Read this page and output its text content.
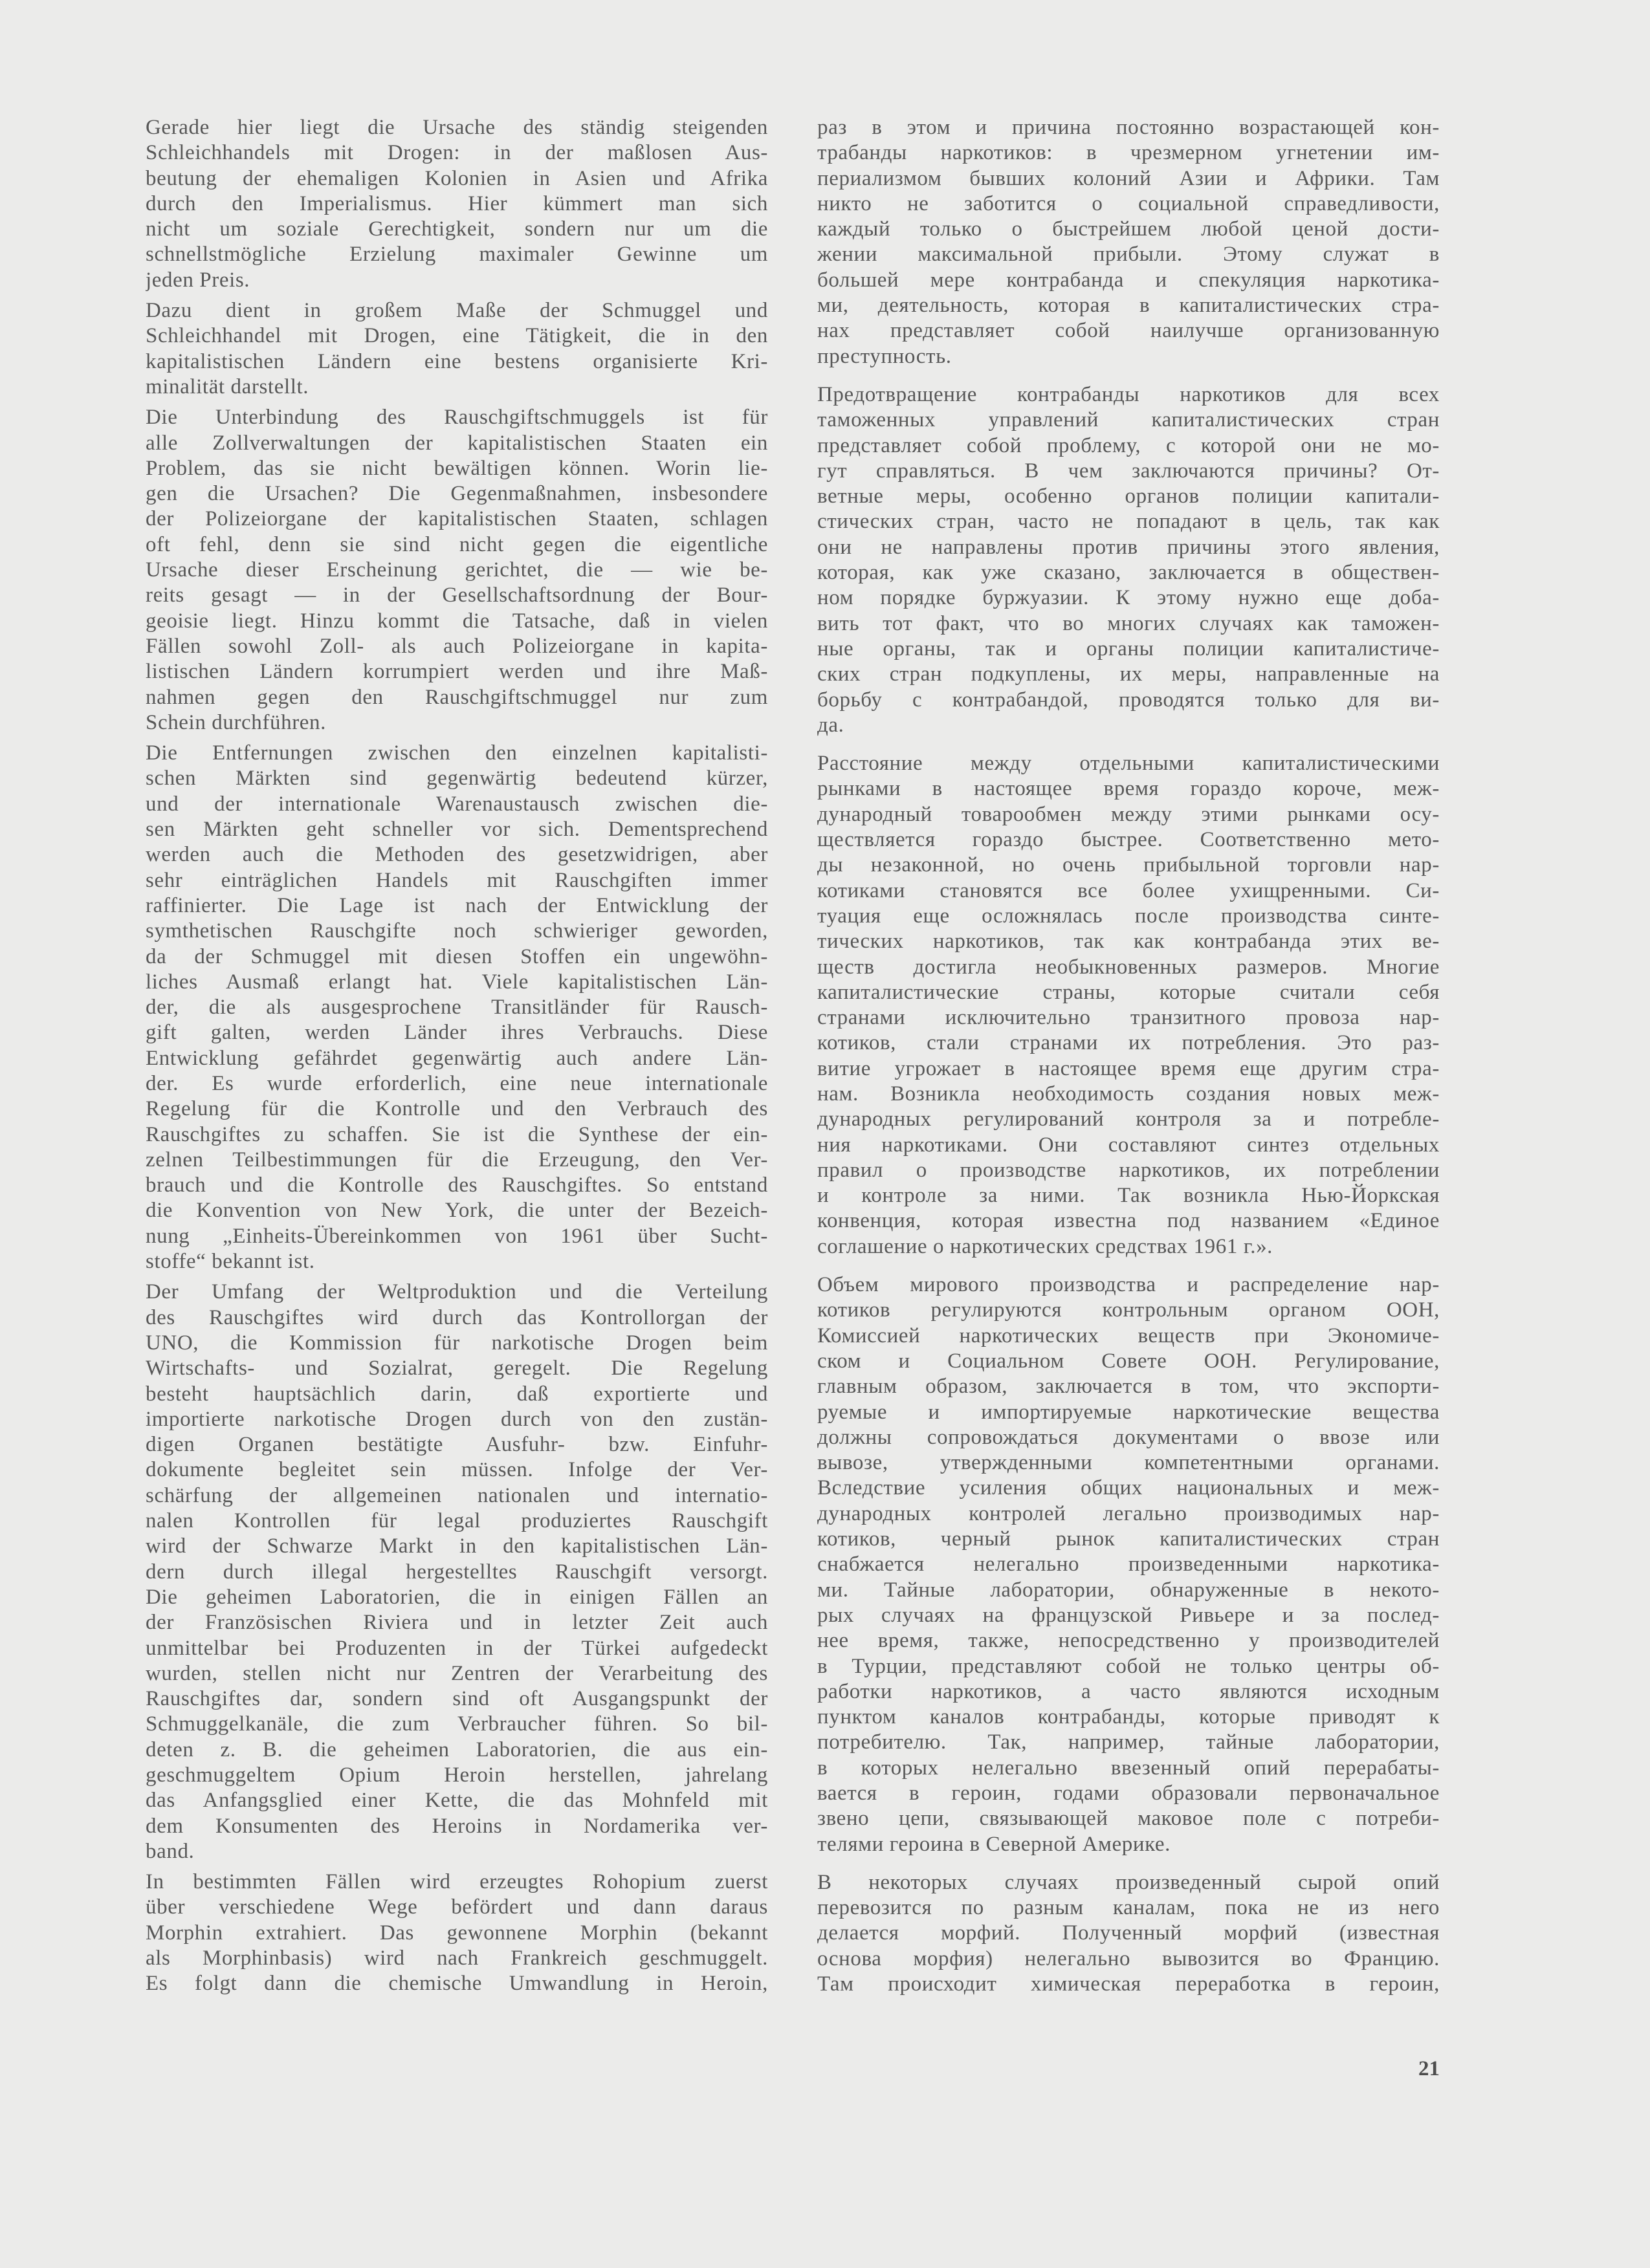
Gerade hier liegt die Ursache des ständig steigenden
Schleichhandels mit Drogen: in der maßlosen Aus-
beutung der ehemaligen Kolonien in Asien und Afrika
durch den Imperialismus. Hier kümmert man sich
nicht um soziale Gerechtigkeit, sondern nur um die
schnellstmögliche Erzielung maximaler Gewinne um
jeden Preis.
Dazu dient in großem Maße der Schmuggel und
Schleichhandel mit Drogen, eine Tätigkeit, die in den
kapitalistischen Ländern eine bestens organisierte Kri-
minalität darstellt.
Die Unterbindung des Rauschgiftschmuggels ist für
alle Zollverwaltungen der kapitalistischen Staaten ein
Problem, das sie nicht bewältigen können. Worin lie-
gen die Ursachen? Die Gegenmaßnahmen, insbesondere
der Polizeiorgane der kapitalistischen Staaten, schlagen
oft fehl, denn sie sind nicht gegen die eigentliche
Ursache dieser Erscheinung gerichtet, die — wie be-
reits gesagt — in der Gesellschaftsordnung der Bour-
geoisie liegt. Hinzu kommt die Tatsache, daß in vielen
Fällen sowohl Zoll- als auch Polizeiorgane in kapita-
listischen Ländern korrumpiert werden und ihre Maß-
nahmen gegen den Rauschgiftschmuggel nur zum
Schein durchführen.
Die Entfernungen zwischen den einzelnen kapitalisti-
schen Märkten sind gegenwärtig bedeutend kürzer,
und der internationale Warenaustausch zwischen die-
sen Märkten geht schneller vor sich. Dementsprechend
werden auch die Methoden des gesetzwidrigen, aber
sehr einträglichen Handels mit Rauschgiften immer
raffinierter. Die Lage ist nach der Entwicklung der
symthetischen Rauschgifte noch schwieriger geworden,
da der Schmuggel mit diesen Stoffen ein ungewöhn-
liches Ausmaß erlangt hat. Viele kapitalistischen Län-
der, die als ausgesprochene Transitländer für Rausch-
gift galten, werden Länder ihres Verbrauchs. Diese
Entwicklung gefährdet gegenwärtig auch andere Län-
der. Es wurde erforderlich, eine neue internationale
Regelung für die Kontrolle und den Verbrauch des
Rauschgiftes zu schaffen. Sie ist die Synthese der ein-
zelnen Teilbestimmungen für die Erzeugung, den Ver-
brauch und die Kontrolle des Rauschgiftes. So entstand
die Konvention von New York, die unter der Bezeich-
nung „Einheits-Übereinkommen von 1961 über Sucht-
stoffe“ bekannt ist.
Der Umfang der Weltproduktion und die Verteilung
des Rauschgiftes wird durch das Kontrollorgan der
UNO, die Kommission für narkotische Drogen beim
Wirtschafts- und Sozialrat, geregelt. Die Regelung
besteht hauptsächlich darin, daß exportierte und
importierte narkotische Drogen durch von den zustän-
digen Organen bestätigte Ausfuhr- bzw. Einfuhr-
dokumente begleitet sein müssen. Infolge der Ver-
schärfung der allgemeinen nationalen und internatio-
nalen Kontrollen für legal produziertes Rauschgift
wird der Schwarze Markt in den kapitalistischen Län-
dern durch illegal hergestelltes Rauschgift versorgt.
Die geheimen Laboratorien, die in einigen Fällen an
der Französischen Riviera und in letzter Zeit auch
unmittelbar bei Produzenten in der Türkei aufgedeckt
wurden, stellen nicht nur Zentren der Verarbeitung des
Rauschgiftes dar, sondern sind oft Ausgangspunkt der
Schmuggelkanäle, die zum Verbraucher führen. So bil-
deten z. B. die geheimen Laboratorien, die aus ein-
geschmuggeltem Opium Heroin herstellen, jahrelang
das Anfangsglied einer Kette, die das Mohnfeld mit
dem Konsumenten des Heroins in Nordamerika ver-
band.
In bestimmten Fällen wird erzeugtes Rohopium zuerst
über verschiedene Wege befördert und dann daraus
Morphin extrahiert. Das gewonnene Morphin (bekannt
als Morphinbasis) wird nach Frankreich geschmuggelt.
Es folgt dann die chemische Umwandlung in Heroin,
раз в этом и причина постоянно возрастающей кон-
трабанды наркотиков: в чрезмерном угнетении им-
периализмом бывших колоний Азии и Африки. Там
никто не заботится о социальной справедливости,
каждый только о быстрейшем любой ценой дости-
жении максимальной прибыли. Этому служат в
большей мере контрабанда и спекуляция наркотика-
ми, деятельность, которая в капиталистических стра-
нах представляет собой наилучше организованную
преступность.
Предотвращение контрабанды наркотиков для всех
таможенных управлений капиталистических стран
представляет собой проблему, с которой они не мо-
гут справляться. В чем заключаются причины? От-
ветные меры, особенно органов полиции капитали-
стических стран, часто не попадают в цель, так как
они не направлены против причины этого явления,
которая, как уже сказано, заключается в обществен-
ном порядке буржуазии. К этому нужно еще доба-
вить тот факт, что во многих случаях как таможен-
ные органы, так и органы полиции капиталистиче-
ских стран подкуплены, их меры, направленные на
борьбу с контрабандой, проводятся только для ви-
да.
Расстояние между отдельными капиталистическими
рынками в настоящее время гораздо короче, меж-
дународный товарообмен между этими рынками осу-
ществляется гораздо быстрее. Соответственно мето-
ды незаконной, но очень прибыльной торговли нар-
котиками становятся все более ухищренными. Си-
туация еще осложнялась после производства синте-
тических наркотиков, так как контрабанда этих ве-
ществ достигла необыкновенных размеров. Многие
капиталистические страны, которые считали себя
странами исключительно транзитного провоза нар-
котиков, стали странами их потребления. Это раз-
витие угрожает в настоящее время еще другим стра-
нам. Возникла необходимость создания новых меж-
дународных регулирований контроля за и потребле-
ния наркотиками. Они составляют синтез отдельных
правил о производстве наркотиков, их потреблении
и контроле за ними. Так возникла Нью-Йоркская
конвенция, которая известна под названием «Единое
соглашение о наркотических средствах 1961 г.».
Объем мирового производства и распределение нар-
котиков регулируются контрольным органом ООН,
Комиссией наркотических веществ при Экономиче-
ском и Социальном Совете ООН. Регулирование,
главным образом, заключается в том, что экспорти-
руемые и импортируемые наркотические вещества
должны сопровождаться документами о ввозе или
вывозе, утвержденными компетентными органами.
Вследствие усиления общих национальных и меж-
дународных контролей легально производимых нар-
котиков, черный рынок капиталистических стран
снабжается нелегально произведенными наркотика-
ми. Тайные лаборатории, обнаруженные в некото-
рых случаях на французской Ривьере и за послед-
нее время, также, непосредственно у производителей
в Турции, представляют собой не только центры об-
работки наркотиков, а часто являются исходным
пунктом каналов контрабанды, которые приводят к
потребителю. Так, например, тайные лаборатории,
в которых нелегально ввезенный опий перерабаты-
вается в героин, годами образовали первоначальное
звено цепи, связывающей маковое поле с потреби-
телями героина в Северной Америке.
В некоторых случаях произведенный сырой опий
перевозится по разным каналам, пока не из него
делается морфий. Полученный морфий (известная
основа морфия) нелегально вывозится во Францию.
Там происходит химическая переработка в героин,
21
